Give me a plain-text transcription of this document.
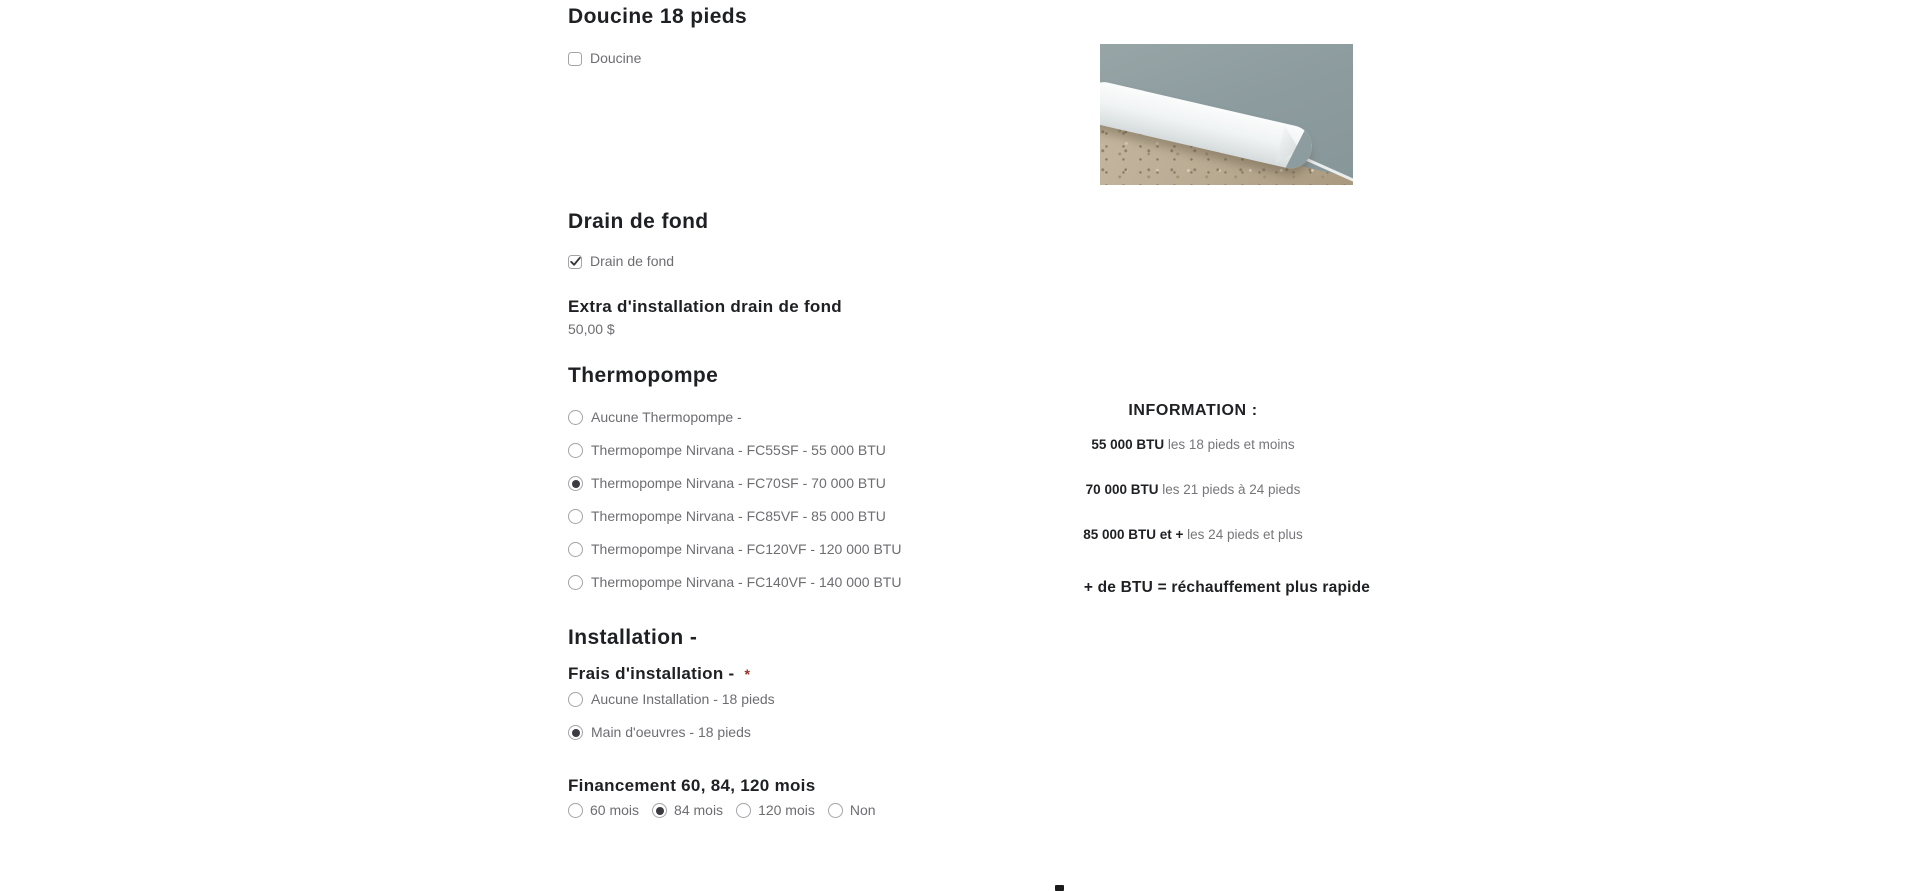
Doucine 18 pieds
Doucine
Drain de fond
Drain de fond
Extra d'installation drain de fond
50,00 $
Thermopompe
Aucune Thermopompe -
Thermopompe Nirvana - FC55SF - 55 000 BTU
Thermopompe Nirvana - FC70SF - 70 000 BTU
Thermopompe Nirvana - FC85VF - 85 000 BTU
Thermopompe Nirvana - FC120VF - 120 000 BTU
Thermopompe Nirvana - FC140VF - 140 000 BTU
INFORMATION :
55 000 BTU les 18 pieds et moins
70 000 BTU les 21 pieds à 24 pieds
85 000 BTU et + les 24 pieds et plus
+ de BTU = réchauffement plus rapide
Installation -
Frais d'installation - *
Aucune Installation - 18 pieds
Main d'oeuvres - 18 pieds
Financement 60, 84, 120 mois
60 mois	84 mois	120 mois	Non
